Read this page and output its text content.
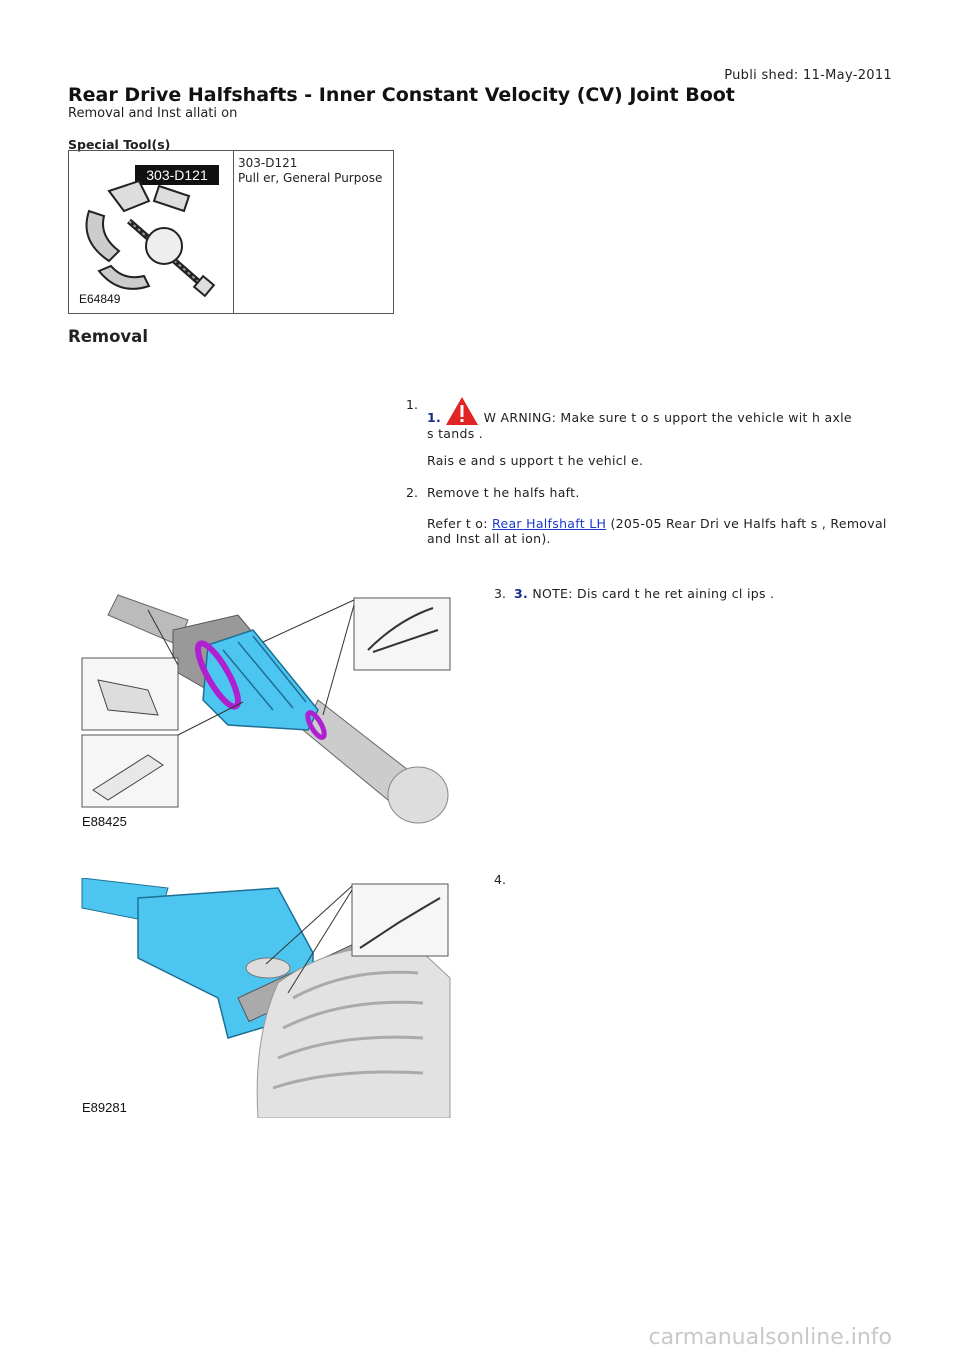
Publi shed: 11-May-2011
Rear Drive Halfshafts - Inner Constant Velocity (CV) Joint Boot
Removal and Inst allati on
Special Tool(s)
303-D121
E64849
303-D121
Pull er, General Purpose
Removal
1.
1.	W ARNING: Make sure t o s upport the vehicle wit h axle s tands .
Rais e and s upport t he vehicl e.
2. Remove t he halfs haft.
Refer t o: Rear Halfshaft LH (205-05 Rear Dri ve Halfs haft s , Removal and Inst all at ion).
E88425
3. 3. NOTE: Dis card t he ret aining cl ips .
E89281
4.
carmanualsonline.info
